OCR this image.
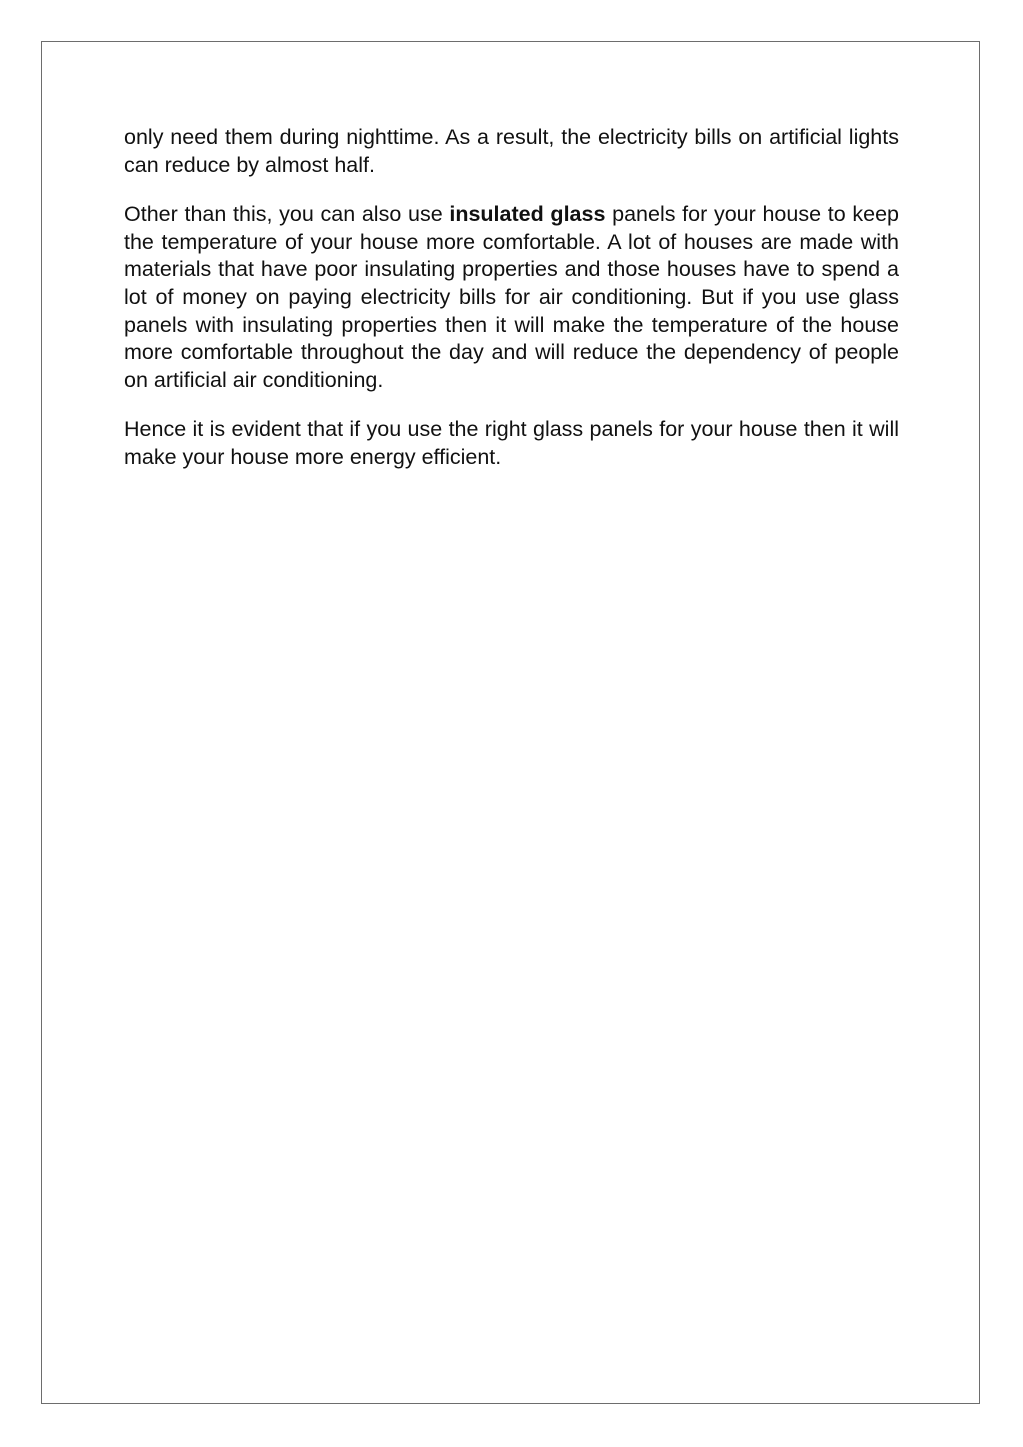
only need them during nighttime. As a result, the electricity bills on artificial lights can reduce by almost half.

Other than this, you can also use insulated glass panels for your house to keep the temperature of your house more comfortable. A lot of houses are made with materials that have poor insulating properties and those houses have to spend a lot of money on paying electricity bills for air conditioning. But if you use glass panels with insulating properties then it will make the temperature of the house more comfortable throughout the day and will reduce the dependency of people on artificial air conditioning.

Hence it is evident that if you use the right glass panels for your house then it will make your house more energy efficient.
